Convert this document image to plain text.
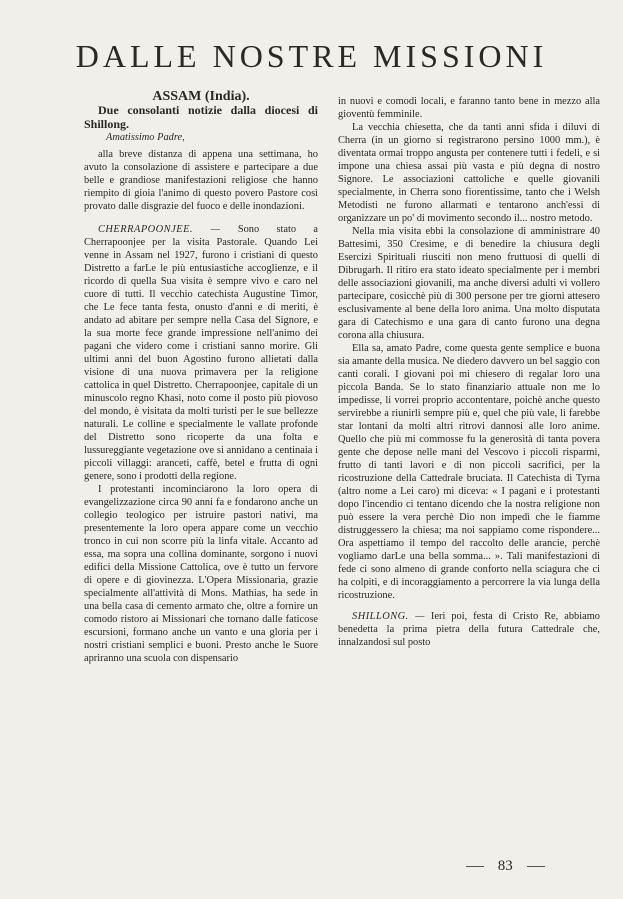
DALLE NOSTRE MISSIONI

ASSAM (India).

Due consolanti notizie dalla diocesi di Shillong.

Amatissimo Padre,

alla breve distanza di appena una settimana, ho avuto la consolazione di assistere e partecipare a due belle e grandiose manifestazioni religiose che hanno riempito di gioia l'animo di questo povero Pastore così provato dalle disgrazie del fuoco e delle inondazioni.

CHERRAPOONJEE. — Sono stato a Cherrapoonjee per la visita Pastorale. Quando Lei venne in Assam nel 1927, furono i cristiani di questo Distretto a farLe le più entusiastiche accoglienze, e il ricordo di quella Sua visita è sempre vivo e caro nel cuore di tutti. Il vecchio catechista Augustine Timor, che Le fece tanta festa, onusto d'anni e di meriti, è andato ad abitare per sempre nella Casa del Signore, e la sua morte fece grande impressione nell'animo dei pagani che videro come i cristiani sanno morire. Gli ultimi anni del buon Agostino furono allietati dalla visione di una nuova primavera per la religione cattolica in quel Distretto. Cherrapoonjee, capitale di un minuscolo regno Khasi, noto come il posto più piovoso del mondo, è visitata da molti turisti per le sue bellezze naturali. Le colline e specialmente le vallate profonde del Distretto sono ricoperte da una folta e lussureggiante vegetazione ove si annidano a centinaia i piccoli villaggi: aranceti, caffè, betel e frutta di ogni genere, sono i prodotti della regione.

I protestanti incominciarono la loro opera di evangelizzazione circa 90 anni fa e fondarono anche un collegio teologico per istruire pastori nativi, ma presentemente la loro opera appare come un vecchio tronco in cui non scorre più la linfa vitale. Accanto ad essa, ma sopra una collina dominante, sorgono i nuovi edifici della Missione Cattolica, ove è tutto un fervore di opere e di giovinezza. L'Opera Missionaria, grazie specialmente all'attività di Mons. Mathias, ha sede in una bella casa di cemento armato che, oltre a fornire un comodo ristoro ai Missionari che tornano dalle faticose escursioni, formano anche un vanto e una gloria per i nostri cristiani semplici e buoni. Presto anche le Suore apriranno una scuola con dispensario

in nuovi e comodi locali, e faranno tanto bene in mezzo alla gioventù femminile.

La vecchia chiesetta, che da tanti anni sfida i diluvi di Cherra (in un giorno si registrarono persino 1000 mm.), è diventata ormai troppo angusta per contenere tutti i fedeli, e si impone una chiesa assai più vasta e più degna di nostro Signore. Le associazioni cattoliche e quelle giovanili specialmente, in Cherra sono fiorentissime, tanto che i Welsh Metodisti ne furono allarmati e tentarono anch'essi di organizzare un po' di movimento secondo il... nostro metodo.

Nella mia visita ebbi la consolazione di amministrare 40 Battesimi, 350 Cresime, e di benedire la chiusura degli Esercizi Spirituali riusciti non meno fruttuosi di quelli di Dibrugarh. Il ritiro era stato ideato specialmente per i membri delle associazioni giovanili, ma anche diversi adulti vi vollero partecipare, cosicchè più di 300 persone per tre giorni attesero esclusivamente al bene della loro anima. Una molto disputata gara di Catechismo e una gara di canto furono una degna corona alla chiusura.

Ella sa, amato Padre, come questa gente semplice e buona sia amante della musica. Ne diedero davvero un bel saggio con canti corali. I giovani poi mi chiesero di regalar loro una piccola Banda. Se lo stato finanziario attuale non me lo impedisse, li vorrei proprio accontentare, poichè anche questo servirebbe a riunirli sempre più e, quel che più vale, li farebbe star lontani da molti altri ritrovi dannosi alle loro anime. Quello che più mi commosse fu la generosità di tanta povera gente che depose nelle mani del Vescovo i piccoli risparmi, frutto di tanti lavori e di non piccoli sacrifici, per la ricostruzione della Cattedrale bruciata. Il Catechista di Tyrna (altro nome a Lei caro) mi diceva: « I pagani e i protestanti dopo l'incendio ci tentano dicendo che la nostra religione non può essere la vera perchè Dio non impedì che le fiamme distruggessero la chiesa; ma noi sappiamo come rispondere... Ora aspettiamo il tempo del raccolto delle arancie, perchè vogliamo darLe una bella somma... ». Tali manifestazioni di fede ci sono almeno di grande conforto nella sciagura che ci ha colpiti, e di incoraggiamento a percorrere la via lunga della ricostruzione.

SHILLONG. — Ieri poi, festa di Cristo Re, abbiamo benedetta la prima pietra della futura Cattedrale che, innalzandosi sul posto

83
